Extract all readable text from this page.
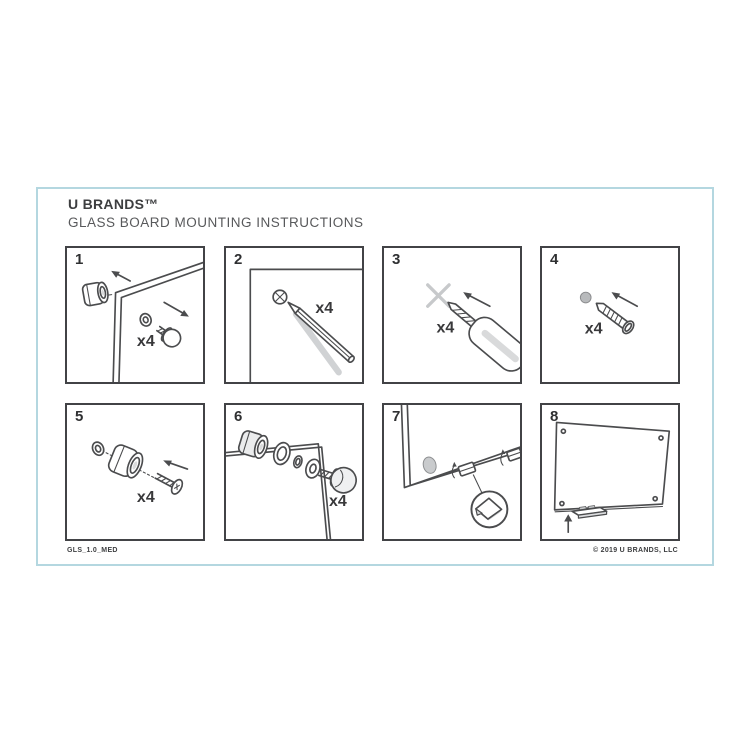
U BRANDS™
GLASS BOARD MOUNTING INSTRUCTIONS
1
x4
2
x4
3
x4
4
x4
5
x4
6
x4
7	8
GLS_1.0_MED	© 2019 U BRANDS, LLC
